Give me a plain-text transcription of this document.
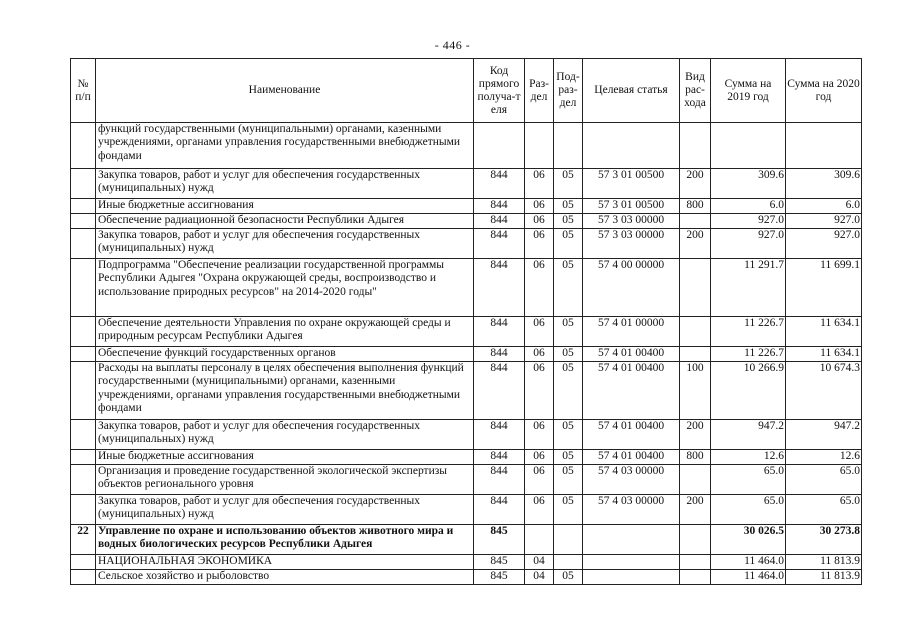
- 446 -
№ п/п	Наименование	Код прямого получа-т еля	Раз- дел	Под- раз- дел	Целевая статья	Вид рас- хода	Сумма на 2019 год	Сумма на 2020 год
	функций государственными (муниципальными) органами, казенными учреждениями, органами управления государственными внебюджетными фондами							
	Закупка товаров, работ и услуг для обеспечения государственных (муниципальных) нужд	844	06	05	57 3 01 00500	200	309.6	309.6
	Иные бюджетные ассигнования	844	06	05	57 3 01 00500	800	6.0	6.0
	Обеспечение радиационной безопасности Республики Адыгея	844	06	05	57 3 03 00000		927.0	927.0
	Закупка товаров, работ и услуг для обеспечения государственных (муниципальных) нужд	844	06	05	57 3 03 00000	200	927.0	927.0
	Подпрограмма "Обеспечение реализации государственной программы Республики Адыгея "Охрана окружающей среды, воспроизводство и использование природных ресурсов" на 2014-2020 годы"	844	06	05	57 4 00 00000		11 291.7	11 699.1
	Обеспечение деятельности Управления по охране окружающей среды и природным ресурсам Республики Адыгея	844	06	05	57 4 01 00000		11 226.7	11 634.1
	Обеспечение функций государственных органов	844	06	05	57 4 01 00400		11 226.7	11 634.1
	Расходы на выплаты персоналу в целях обеспечения выполнения функций государственными (муниципальными) органами, казенными учреждениями, органами управления государственными внебюджетными фондами	844	06	05	57 4 01 00400	100	10 266.9	10 674.3
	Закупка товаров, работ и услуг для обеспечения государственных (муниципальных) нужд	844	06	05	57 4 01 00400	200	947.2	947.2
	Иные бюджетные ассигнования	844	06	05	57 4 01 00400	800	12.6	12.6
	Организация и проведение государственной экологической экспертизы объектов регионального уровня	844	06	05	57 4 03 00000		65.0	65.0
	Закупка товаров, работ и услуг для обеспечения государственных (муниципальных) нужд	844	06	05	57 4 03 00000	200	65.0	65.0
22	Управление по охране и использованию объектов животного мира и водных биологических ресурсов Республики Адыгея	845					30 026.5	30 273.8
	НАЦИОНАЛЬНАЯ ЭКОНОМИКА	845	04				11 464.0	11 813.9
	Сельское хозяйство и рыболовство	845	04	05			11 464.0	11 813.9
